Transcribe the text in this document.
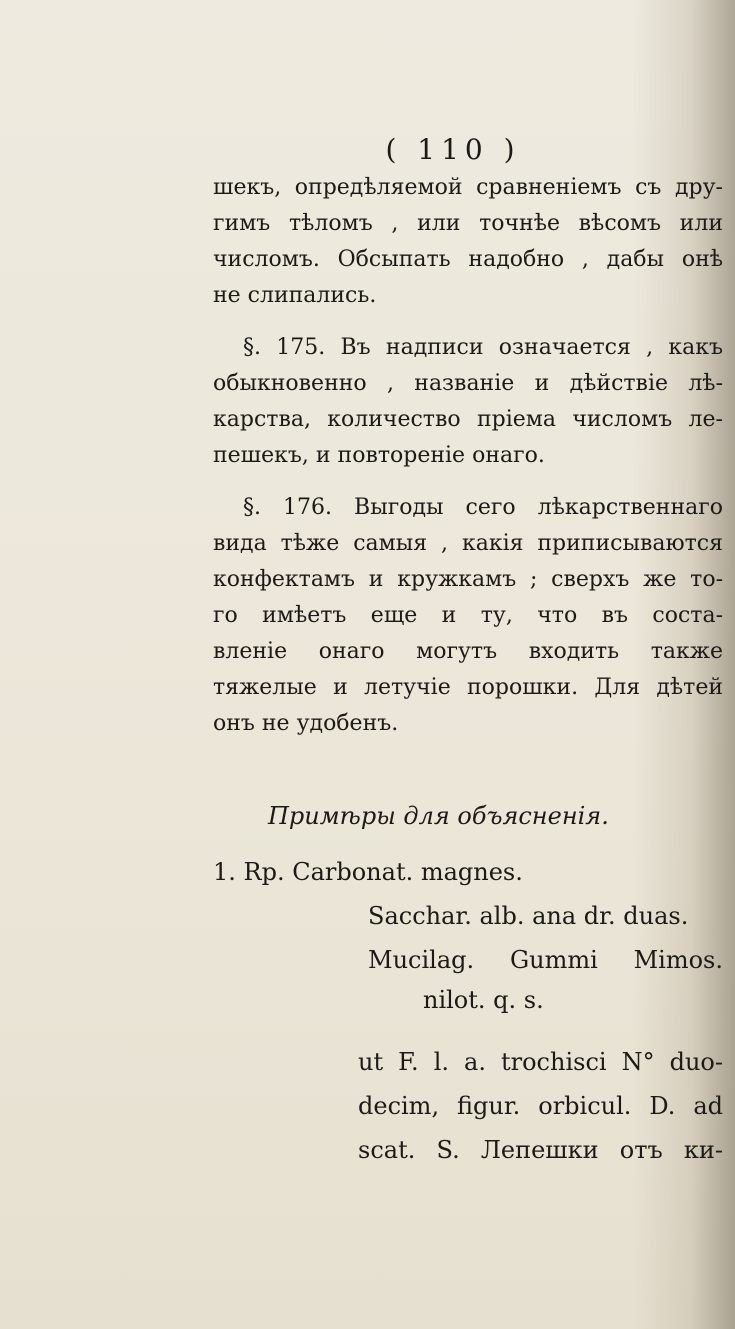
( 110 )
шекъ, опредѣляемой сравненіемъ съ дру-
гимъ тѣломъ , или точнѣе вѣсомъ или
числомъ. Обсыпать надобно , дабы онѣ
не слипались.
§. 175. Въ надписи означается , какъ
обыкновенно , названіе и дѣйствіе лѣ-
карства, количество пріема числомъ ле-
пешекъ, и повтореніе онаго.
§. 176. Выгоды сего лѣкарственнаго
вида тѣже самыя , какія приписываются
конфектамъ и кружкамъ ; сверхъ же то-
го имѣетъ еще и ту, что въ соста-
вленіе онаго могутъ входить также
тяжелые и летучіе порошки. Для дѣтей
онъ не удобенъ.
Примѣры для объясненія.
1. Rp. Carbonat. magnes.
Sacchar. alb. ana dr. duas.
Mucilag. Gummi Mimos.
nilot. q. s.
ut F. l. a. trochisci N° duo-
decim, figur. orbicul. D. ad
scat. S. Лепешки отъ ки-
